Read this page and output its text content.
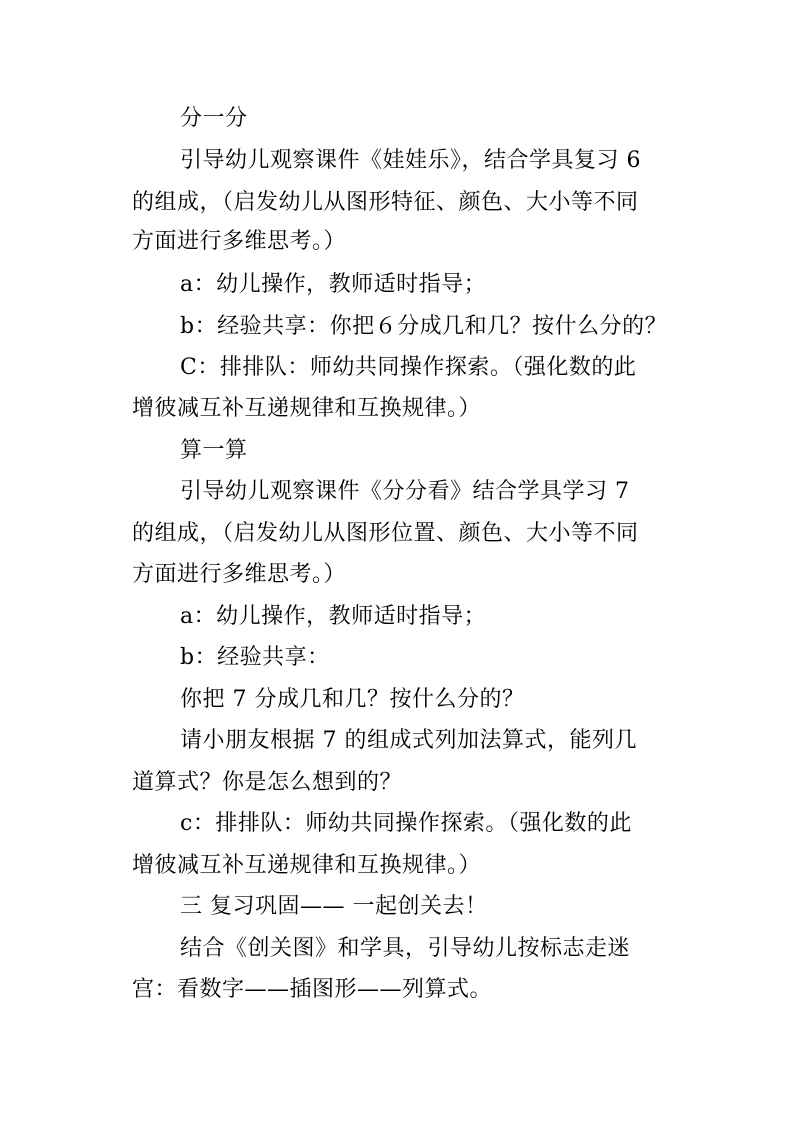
分一分
引导幼儿观察课件《娃娃乐》，结合学具复习 6
的组成，（启发幼儿从图形特征、颜色、大小等不同
方面进行多维思考。）
a：幼儿操作，教师适时指导；
b：经验共享：你把６分成几和几？按什么分的？
C：排排队：师幼共同操作探索。（强化数的此
增彼减互补互递规律和互换规律。）
算一算
引导幼儿观察课件《分分看》结合学具学习 7
的组成，（启发幼儿从图形位置、颜色、大小等不同
方面进行多维思考。）
a：幼儿操作，教师适时指导；
b：经验共享：
你把 7 分成几和几？按什么分的？
请小朋友根据 7 的组成式列加法算式，能列几
道算式？你是怎么想到的？
c：排排队：师幼共同操作探索。（强化数的此
增彼减互补互递规律和互换规律。）
三 复习巩固—— 一起创关去！
结合《创关图》和学具，引导幼儿按标志走迷
宫：看数字——插图形——列算式。
